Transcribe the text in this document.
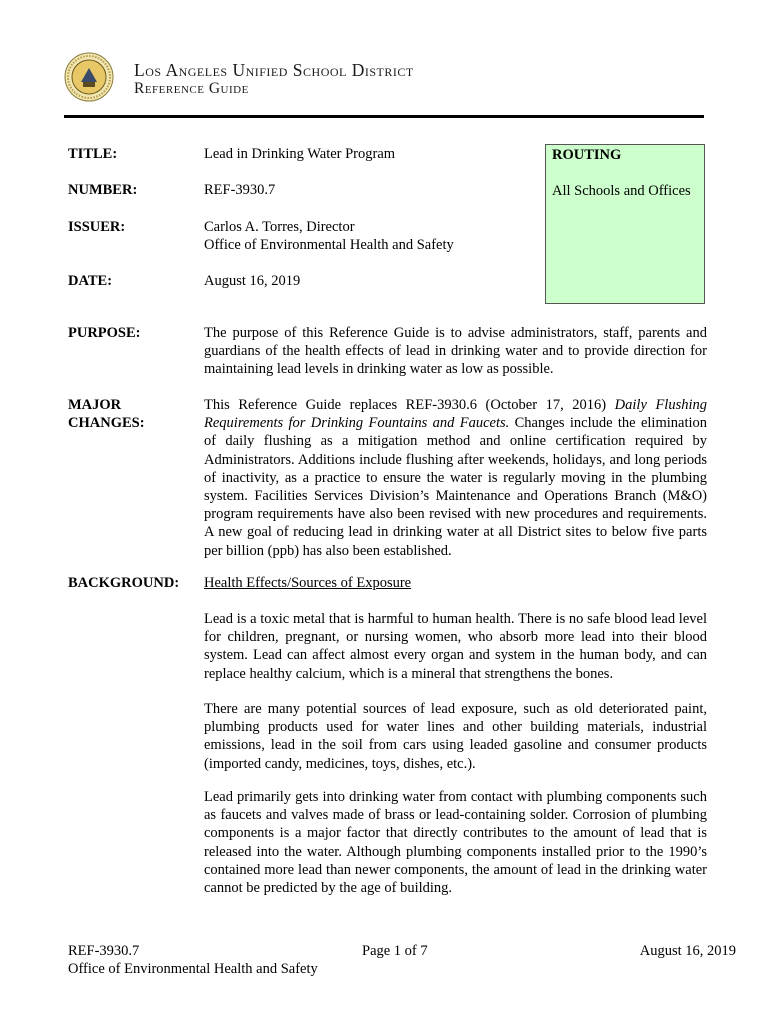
Los Angeles Unified School District
Reference Guide
TITLE:	Lead in Drinking Water Program
NUMBER:	REF-3930.7
ISSUER:	Carlos A. Torres, Director
Office of Environmental Health and Safety
DATE:	August 16, 2019
ROUTING
All Schools and Offices
PURPOSE:	The purpose of this Reference Guide is to advise administrators, staff, parents and guardians of the health effects of lead in drinking water and to provide direction for maintaining lead levels in drinking water as low as possible.
MAJOR
CHANGES:
This Reference Guide replaces REF-3930.6 (October 17, 2016) Daily Flushing Requirements for Drinking Fountains and Faucets. Changes include the elimination of daily flushing as a mitigation method and online certification required by Administrators. Additions include flushing after weekends, holidays, and long periods of inactivity, as a practice to ensure the water is regularly moving in the plumbing system. Facilities Services Division’s Maintenance and Operations Branch (M&O) program requirements have also been revised with new procedures and requirements. A new goal of reducing lead in drinking water at all District sites to below five parts per billion (ppb) has also been established.
BACKGROUND: Health Effects/Sources of Exposure
Lead is a toxic metal that is harmful to human health. There is no safe blood lead level for children, pregnant, or nursing women, who absorb more lead into their blood system. Lead can affect almost every organ and system in the human body, and can replace healthy calcium, which is a mineral that strengthens the bones.
There are many potential sources of lead exposure, such as old deteriorated paint, plumbing products used for water lines and other building materials, industrial emissions, lead in the soil from cars using leaded gasoline and consumer products (imported candy, medicines, toys, dishes, etc.).
Lead primarily gets into drinking water from contact with plumbing components such as faucets and valves made of brass or lead-containing solder. Corrosion of plumbing components is a major factor that directly contributes to the amount of lead that is released into the water. Although plumbing components installed prior to the 1990’s contained more lead than newer components, the amount of lead in the drinking water cannot be predicted by the age of building.
REF-3930.7
Office of Environmental Health and Safety
Page 1 of 7	August 16, 2019
